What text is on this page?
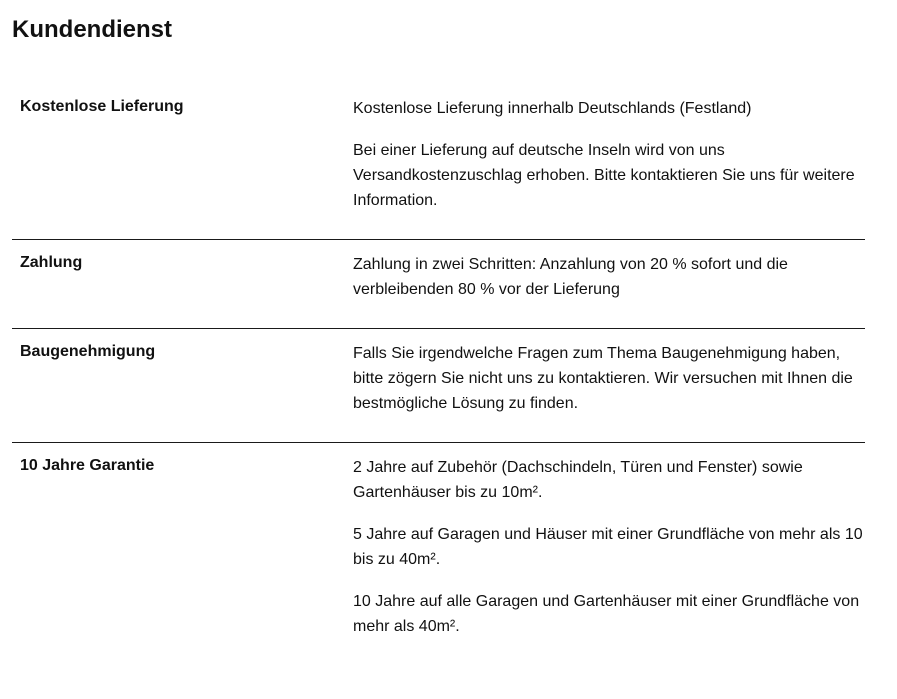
Kundendienst
Kostenlose Lieferung	Kostenlose Lieferung innerhalb Deutschlands (Festland)

Bei einer Lieferung auf deutsche Inseln wird von uns Versandkostenzuschlag erhoben. Bitte kontaktieren Sie uns für weitere Information.

Zahlung	Zahlung in zwei Schritten: Anzahlung von 20 % sofort und die verbleibenden 80 % vor der Lieferung

Baugenehmigung	Falls Sie irgendwelche Fragen zum Thema Baugenehmigung haben, bitte zögern Sie nicht uns zu kontaktieren. Wir versuchen mit Ihnen die bestmögliche Lösung zu finden.

10 Jahre Garantie	2 Jahre auf Zubehör (Dachschindeln, Türen und Fenster) sowie Gartenhäuser bis zu 10m².

5 Jahre auf Garagen und Häuser mit einer Grundfläche von mehr als 10 bis zu 40m².

10 Jahre auf alle Garagen und Gartenhäuser mit einer Grundfläche von mehr als 40m².
